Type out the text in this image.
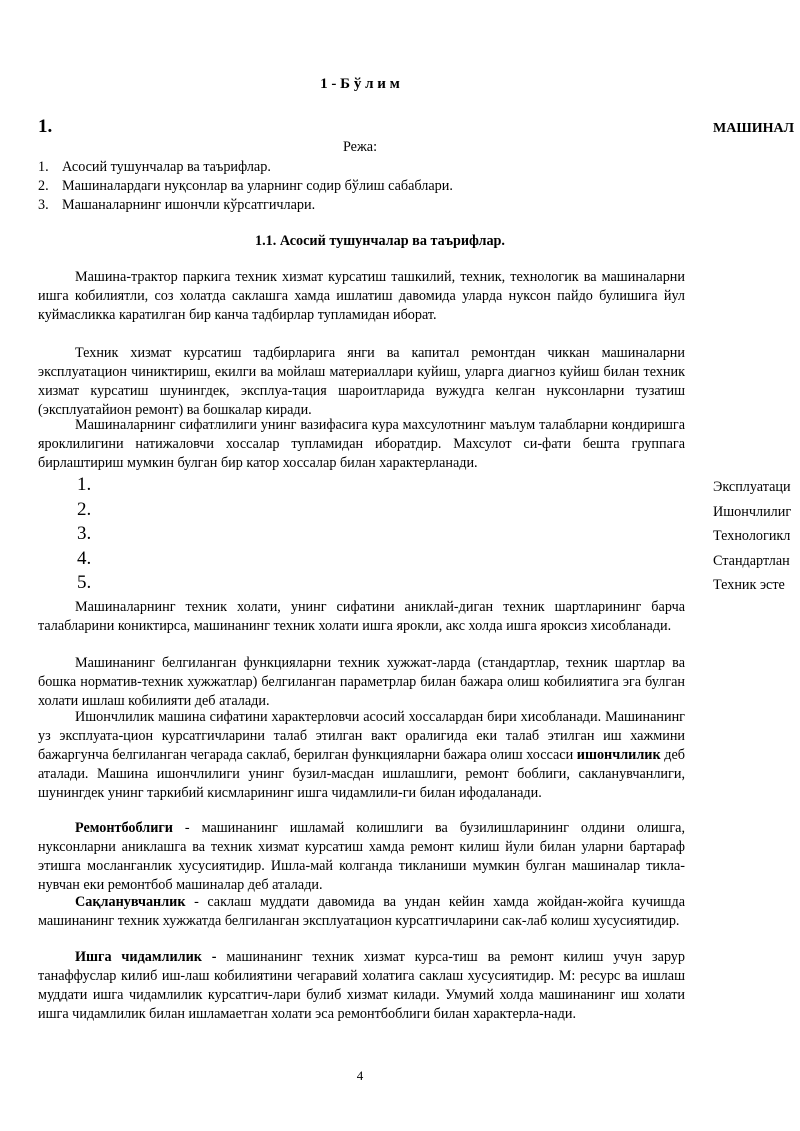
1 - Б ў л и м
1.	МАШИНАЛ
Режа:
1. Асосий тушунчалар ва таърифлар.
2. Машиналардаги нуқсонлар ва уларнинг содир бўлиш сабаблари.
3. Машаналарнинг ишончли кўрсатгичлари.
1.1. Асосий тушунчалар ва таърифлар.

Машина-трактор паркига техник хизмат курсатиш ташкилий, техник, технологик ва машиналарни ишга кобилиятли, соз холатда саклашга хамда ишлатиш давомида уларда нуксон пайдо булишига йул куймасликка каратилган бир канча тадбирлар тупламидан иборат.

Техник хизмат курсатиш тадбирларига янги ва капитал ремонтдан чиккан машиналарни эксплуатацион чиниктириш, екилги ва мойлаш материаллари куйиш, уларга диагноз куйиш билан техник хизмат курсатиш шунингдек, эксплуа-тация шароитларида вужудга келган нуксонларни тузатиш (эксплуатайион ремонт) ва бошкалар киради.

Машиналарнинг сифатлилиги унинг вазифасига кура махсулотнинг маълум талабларни кондиришга яроклилигини натижаловчи хоссалар тупламидан иборатдир. Махсулот си-фати бешта группага бирлаштириш мумкин булган бир катор хоссалар билан характерланади.

1.	Эксплуатаци
2.	Ишончлилиг
3.	Технологикл
4.	Стандартлан
5.	Техник эсте

Машиналарнинг техник холати, унинг сифатини аниклай-диган техник шартларининг барча талабларини коникти‌рса, машинанинг техник холати ишга ярокли, акс холда ишга яроксиз хисобланади.

Машинанинг белгиланган функцияларни техник хужжат-ларда (стандартлар, техник шартлар ва бошка норматив-техник хужжатлар) белгиланган параметрлар билан бажара олиш кобилиятига эга булган холати ишлаш кобилияти деб аталади.

Ишончлилик машина сифатини характерловчи асосий хоссалардан бири хисобланади. Машинанинг уз эксплуата-цион курсатгичларини талаб этилган вакт оралигида еки талаб этилган иш хажмини бажаргунча белгиланган чегарада саклаб, берилган функцияларни бажара олиш хоссаси ишончлилик деб аталади. Машина ишончлилиги унинг бузил-масдан ишлашлиги, ремонт боблиги, сакланувчанлиги, шунингдек унинг таркибий кисмларининг ишга чидамлили-ги билан ифодаланади.

Ремонтбоблиги - машинанинг ишламай колишлиги ва бузилишларининг олдини олишга, нуксонларни аниклашга ва техник хизмат курсатиш хамда ремонт килиш йули билан уларни бартараф этишга мосланганлик хусусиятидир. Ишла-май колганда тикланиши мумкин булган машиналар тикла-нувчан еки ремонтбоб машиналар деб аталади.

Сақланувчанлик - саклаш муддати давомида ва ундан кейин хамда жойдан-жойга кучишда машинанинг техник хужжатда белгиланган эксплуатацион курсатгичларини сак-лаб колиш хусусиятидир.

Ишга чидамлилик - машинанинг техник хизмат курса-тиш ва ремонт килиш учун зарур танаффуслар килиб иш-лаш кобилиятини чегаравий холатига саклаш хусусиятидир. М: ресурс ва ишлаш муддати ишга чидамлилик курсатгич-лари булиб хизмат килади. Умумий холда машинанинг иш холати ишга чидамлилик билан ишламаетган холати эса ремонтбоблиги билан характерла-нади.

4
